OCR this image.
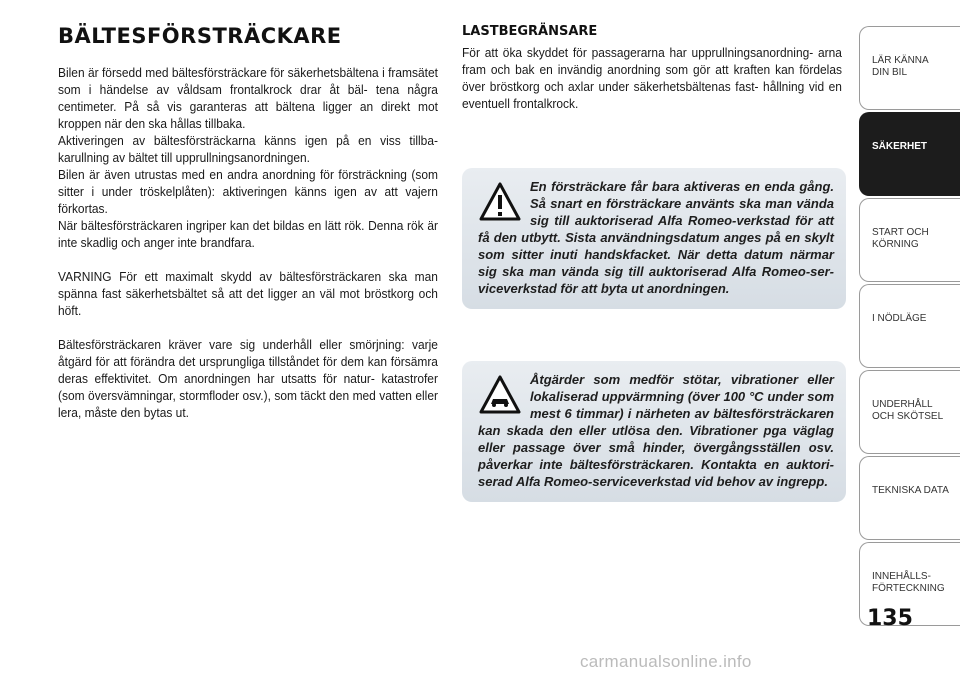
BÄLTESFÖRSTRÄCKARE

Bilen är försedd med bältesförsträckare för säkerhetsbältena i framsätet som i händelse av våldsam frontalkrock drar åt bäl- tena några centimeter. På så vis garanteras att bältena ligger an direkt mot kroppen när den ska hållas tillbaka.

Aktiveringen av bältesförsträckarna känns igen på en viss tillba- karullning av bältet till upprullningsanordningen.

Bilen är även utrustas med en andra anordning för försträckning (som sitter i under tröskelplåten): aktiveringen känns igen av att vajern förkortas.

När bältesförsträckaren ingriper kan det bildas en lätt rök. Denna rök är inte skadlig och anger inte brandfara.

VARNING För ett maximalt skydd av bältesförsträckaren ska man spänna fast säkerhetsbältet så att det ligger an väl mot bröstkorg och höft.

Bältesförsträckaren kräver vare sig underhåll eller smörjning: varje åtgärd för att förändra det ursprungliga tillståndet för dem kan försämra deras effektivitet. Om anordningen har utsatts för natur- katastrofer (som översvämningar, stormfloder osv.), som täckt den med vatten eller lera, måste den bytas ut.

LASTBEGRÄNSARE

För att öka skyddet för passagerarna har upprullningsanordning- arna fram och bak en invändig anordning som gör att kraften kan fördelas över bröstkorg och axlar under säkerhetsbältenas fast- hållning vid en eventuell frontalkrock.

En försträckare får bara aktiveras en enda gång. Så snart en försträckare använts ska man vända sig till auktoriserad Alfa Romeo-verkstad för att få den utbytt. Sista användningsdatum anges på en skylt som sitter inuti handskfacket. När detta datum närmar sig ska man vända sig till auktoriserad Alfa Romeo-ser- viceverkstad för att byta ut anordningen.

Åtgärder som medför stötar, vibrationer eller lokaliserad uppvärmning (över 100 °C under som mest 6 timmar) i närheten av bältesförsträckaren kan skada den eller utlösa den. Vibrationer pga väglag eller passage över små hinder, övergångsställen osv. påverkar inte bältesförsträckaren. Kontakta en auktori- serad Alfa Romeo-serviceverkstad vid behov av ingrepp.

LÄR KÄNNA
DIN BIL
SÄKERHET
START OCH
KÖRNING
I NÖDLÄGE
UNDERHÅLL
OCH SKÖTSEL
TEKNISKA DATA
INNEHÅLLS-
FÖRTECKNING
135
carmanualsonline.info
